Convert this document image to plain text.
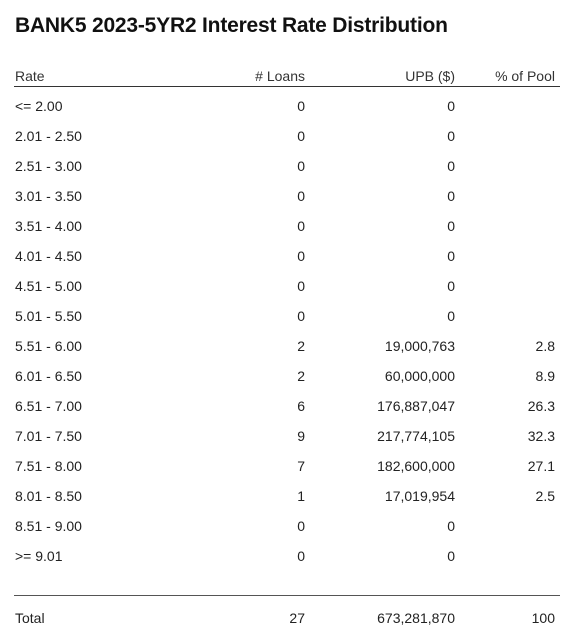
BANK5 2023-5YR2 Interest Rate Distribution
Rate	# Loans	UPB ($)	% of Pool
<= 2.00	0	0
2.01 - 2.50	0	0
2.51 - 3.00	0	0
3.01 - 3.50	0	0
3.51 - 4.00	0	0
4.01 - 4.50	0	0
4.51 - 5.00	0	0
5.01 - 5.50	0	0
5.51 - 6.00	2	19,000,763	2.8
6.01 - 6.50	2	60,000,000	8.9
6.51 - 7.00	6	176,887,047	26.3
7.01 - 7.50	9	217,774,105	32.3
7.51 - 8.00	7	182,600,000	27.1
8.01 - 8.50	1	17,019,954	2.5
8.51 - 9.00	0	0
>= 9.01	0	0
Total	27	673,281,870	100
